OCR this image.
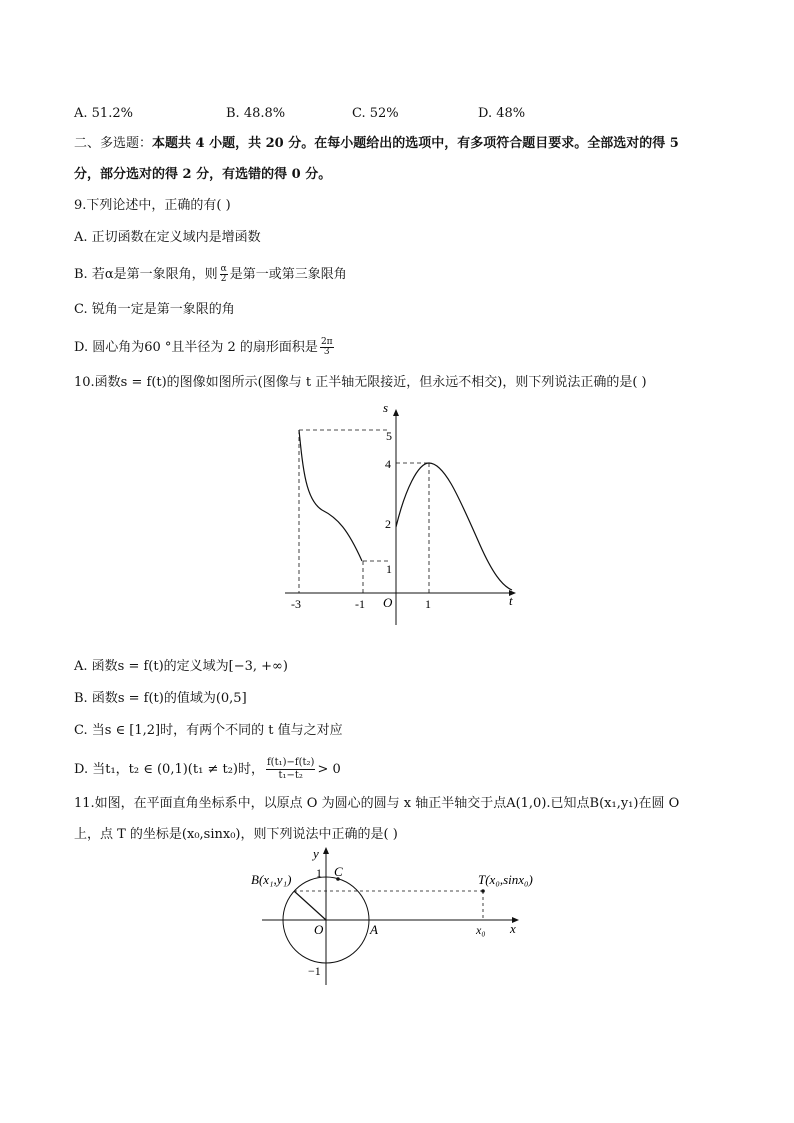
A. 51.2%	B. 48.8%	C. 52%	D. 48%
二、多选题：本题共 4 小题，共 20 分。在每小题给出的选项中，有多项符合题目要求。全部选对的得 5
分，部分选对的得 2 分，有选错的得 0 分。
9.下列论述中，正确的有( )
A. 正切函数在定义域内是增函数
B. 若α是第一象限角，则 $\frac{\alpha}{2}$ 是第一或第三象限角
C. 锐角一定是第一象限的角
D. 圆心角为60 °且半径为 2 的扇形面积是 $\frac{2\pi}{3}$
10.函数s = f(t)的图像如图所示(图像与 t 正半轴无限接近，但永远不相交)，则下列说法正确的是( )
s
t
O
5
4
2
1
-3	-1	1
A. 函数s = f(t)的定义域为[−3, +∞)
B. 函数s = f(t)的值域为(0,5]
C. 当s ∈ [1,2]时，有两个不同的 t 值与之对应
D. 当t₁，t₂ ∈ (0,1)(t₁ ≠ t₂)时， $\frac{\text{f(t₁)−f(t₂)}}{\text{t₁−t₂}} > 0$
11.如图，在平面直角坐标系中，以原点 O 为圆心的圆与 x 轴正半轴交于点A(1,0).已知点B(x₁,y₁)在圆 O
上，点 T 的坐标是(x₀,sinx₀)，则下列说法中正确的是( )
y
x
O	A
C
B(x₁,y₁)	T(x₀,sinx₀)
1
−1
x₀
